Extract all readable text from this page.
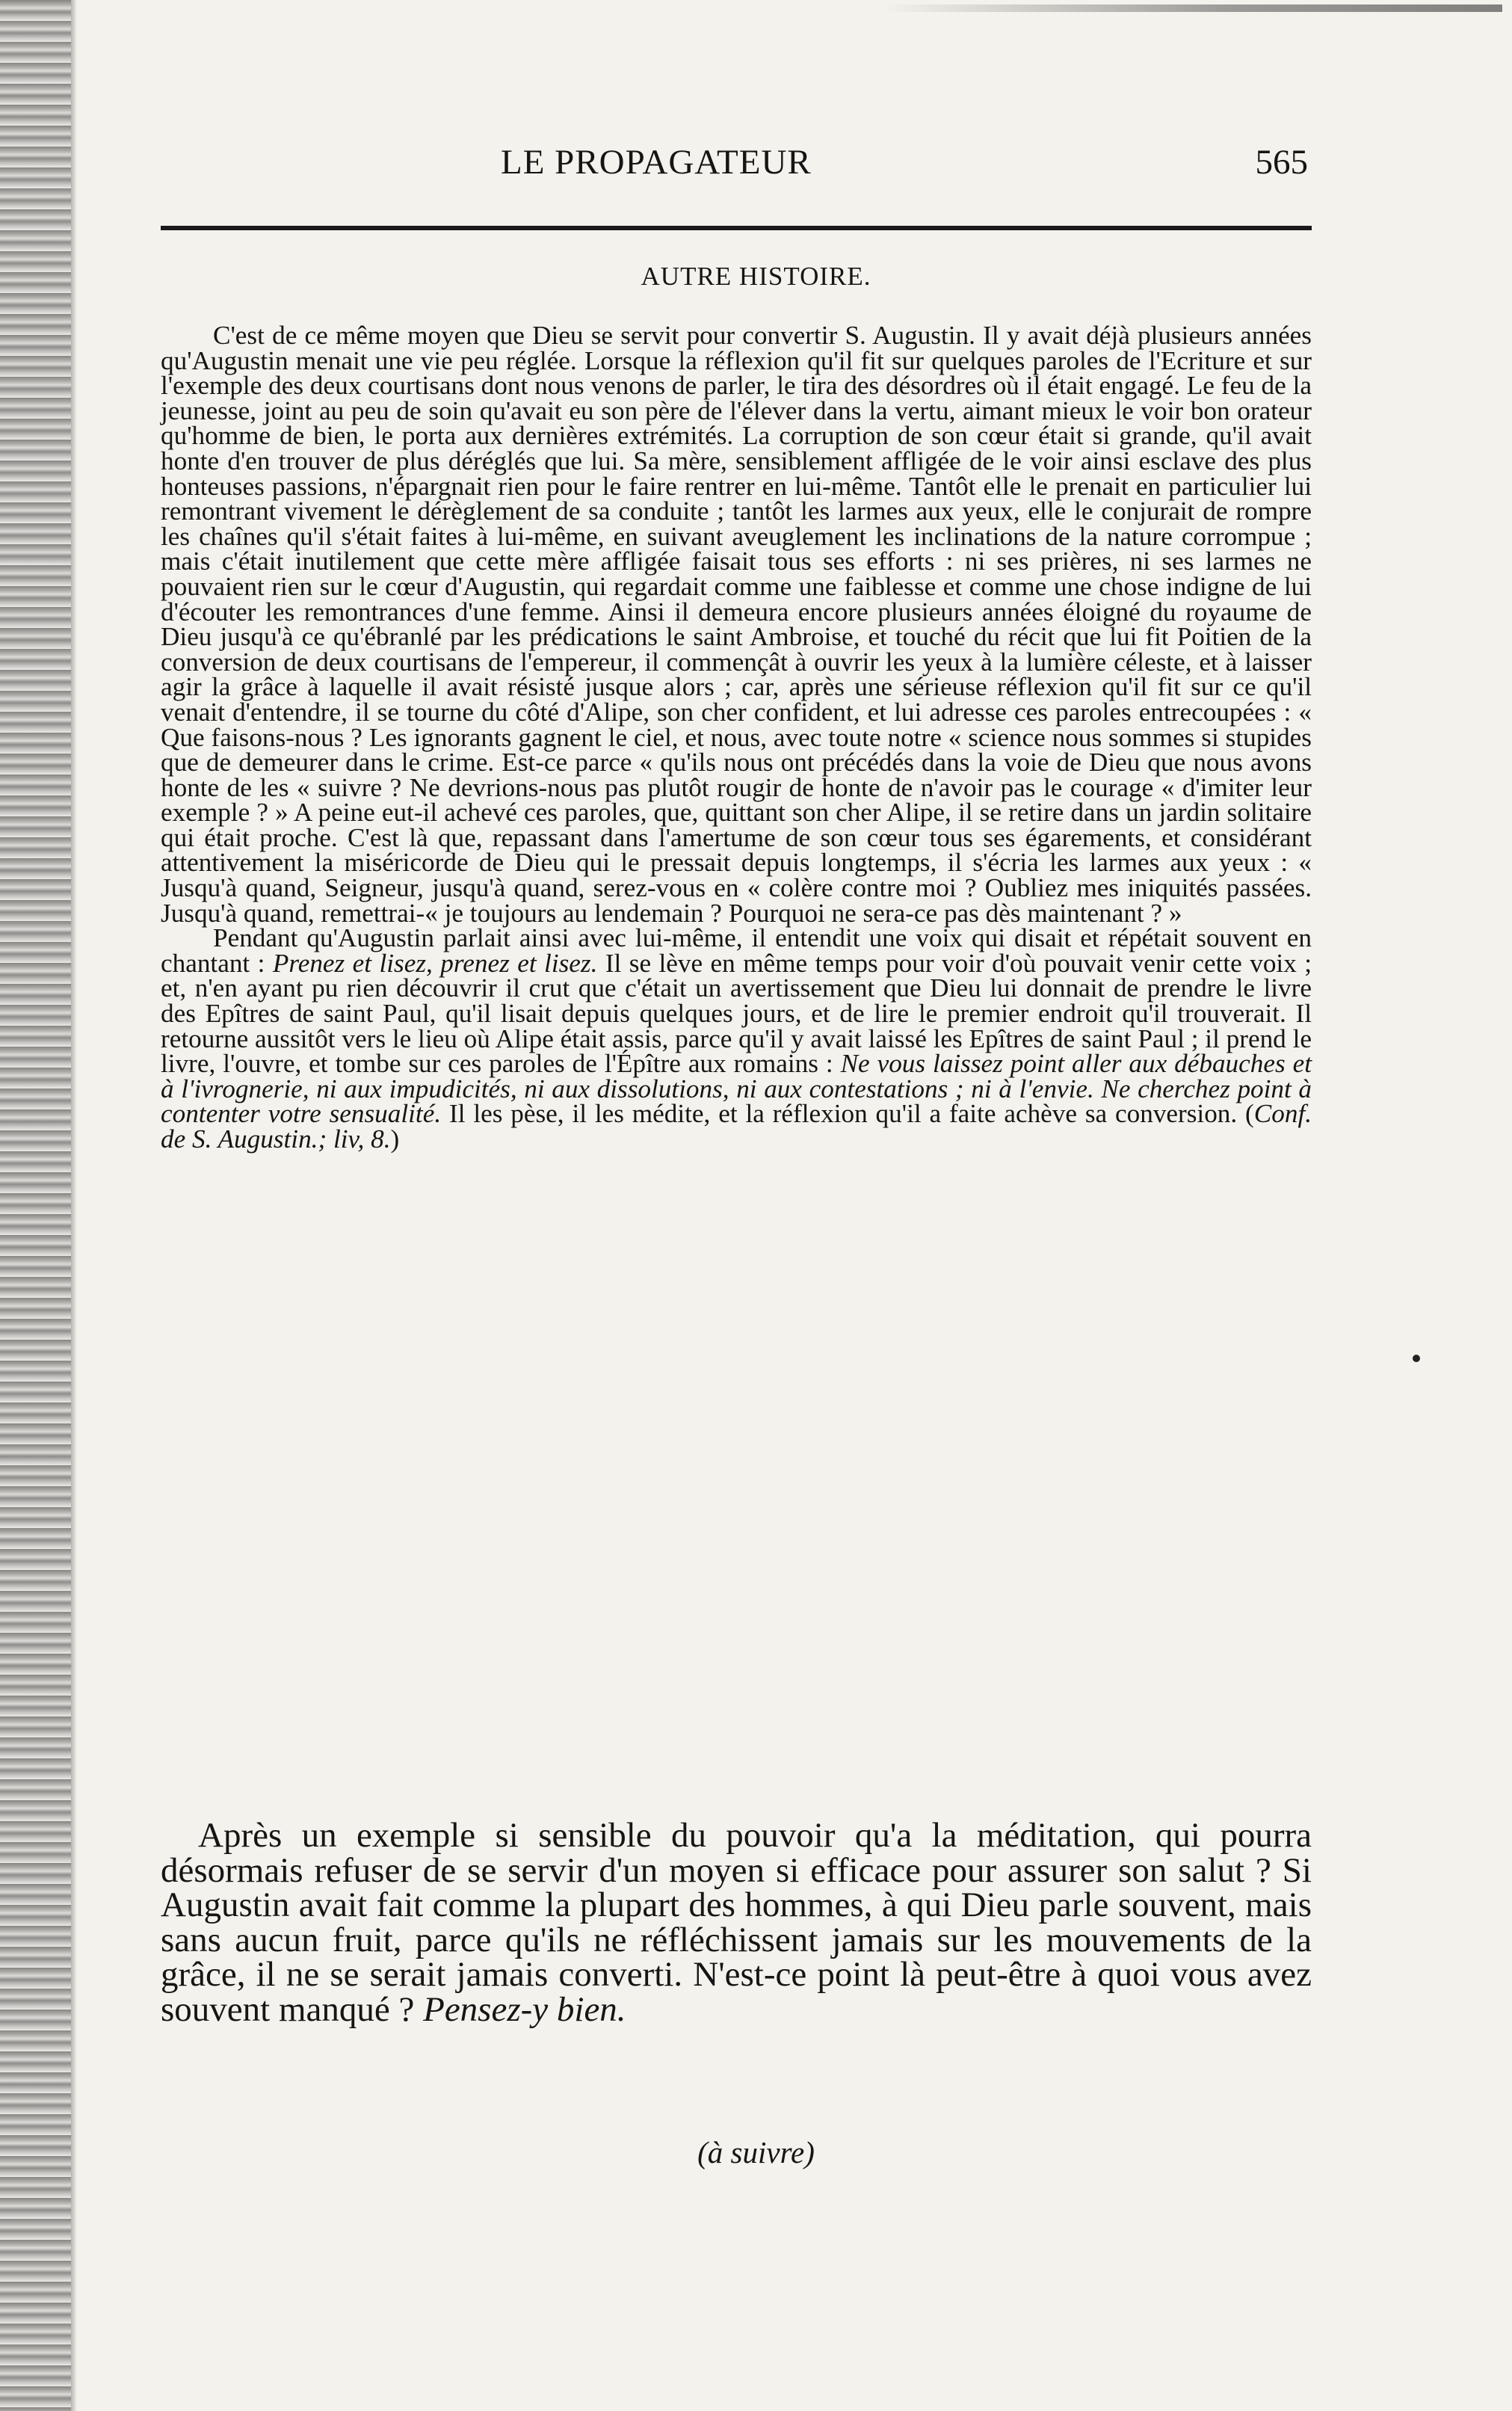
LE PROPAGATEUR	565
AUTRE HISTOIRE.

C'est de ce même moyen que Dieu se servit pour convertir S. Augustin. Il y avait déjà plusieurs années qu'Augustin menait une vie peu réglée. Lorsque la réflexion qu'il fit sur quelques paroles de l'Ecriture et sur l'exemple des deux courtisans dont nous venons de parler, le tira des désordres où il était engagé. Le feu de la jeunesse, joint au peu de soin qu'avait eu son père de l'élever dans la vertu, aimant mieux le voir bon orateur qu'homme de bien, le porta aux dernières extrémités. La corruption de son cœur était si grande, qu'il avait honte d'en trouver de plus déréglés que lui. Sa mère, sensiblement affligée de le voir ainsi esclave des plus honteuses passions, n'épargnait rien pour le faire rentrer en lui-même. Tantôt elle le prenait en particulier lui remontrant vivement le dérèglement de sa conduite ; tantôt les larmes aux yeux, elle le conjurait de rompre les chaînes qu'il s'était faites à lui-même, en suivant aveuglement les inclinations de la nature corrompue ; mais c'était inutilement que cette mère affligée faisait tous ses efforts : ni ses prières, ni ses larmes ne pouvaient rien sur le cœur d'Augustin, qui regardait comme une faiblesse et comme une chose indigne de lui d'écouter les remontrances d'une femme. Ainsi il demeura encore plusieurs années éloigné du royaume de Dieu jusqu'à ce qu'ébranlé par les prédications le saint Ambroise, et touché du récit que lui fit Poitien de la conversion de deux courtisans de l'empereur, il commençât à ouvrir les yeux à la lumière céleste, et à laisser agir la grâce à laquelle il avait résisté jusque alors ; car, après une sérieuse réflexion qu'il fit sur ce qu'il venait d'entendre, il se tourne du côté d'Alipe, son cher confident, et lui adresse ces paroles entrecoupées : « Que faisons-nous ? Les ignorants gagnent le ciel, et nous, avec toute notre « science nous sommes si stupides que de demeurer dans le crime. Est-ce parce « qu'ils nous ont précédés dans la voie de Dieu que nous avons honte de les « suivre ? Ne devrions-nous pas plutôt rougir de honte de n'avoir pas le courage « d'imiter leur exemple ? » A peine eut-il achevé ces paroles, que, quittant son cher Alipe, il se retire dans un jardin solitaire qui était proche. C'est là que, repassant dans l'amertume de son cœur tous ses égarements, et considérant attentivement la miséricorde de Dieu qui le pressait depuis longtemps, il s'écria les larmes aux yeux : « Jusqu'à quand, Seigneur, jusqu'à quand, serez-vous en « colère contre moi ? Oubliez mes iniquités passées. Jusqu'à quand, remettrai-« je toujours au lendemain ? Pourquoi ne sera-ce pas dès maintenant ? »

Pendant qu'Augustin parlait ainsi avec lui-même, il entendit une voix qui disait et répétait souvent en chantant : Prenez et lisez, prenez et lisez. Il se lève en même temps pour voir d'où pouvait venir cette voix ; et, n'en ayant pu rien découvrir il crut que c'était un avertissement que Dieu lui donnait de prendre le livre des Epîtres de saint Paul, qu'il lisait depuis quelques jours, et de lire le premier endroit qu'il trouverait. Il retourne aussitôt vers le lieu où Alipe était assis, parce qu'il y avait laissé les Epîtres de saint Paul ; il prend le livre, l'ouvre, et tombe sur ces paroles de l'Épître aux romains : Ne vous laissez point aller aux débauches et à l'ivrognerie, ni aux impudicités, ni aux dissolutions, ni aux contestations ; ni à l'envie. Ne cherchez point à contenter votre sensualité. Il les pèse, il les médite, et la réflexion qu'il a faite achève sa conversion. (Conf. de S. Augustin.; liv, 8.)

Après un exemple si sensible du pouvoir qu'a la méditation, qui pourra désormais refuser de se servir d'un moyen si efficace pour assurer son salut ? Si Augustin avait fait comme la plupart des hommes, à qui Dieu parle souvent, mais sans aucun fruit, parce qu'ils ne réfléchissent jamais sur les mouvements de la grâce, il ne se serait jamais converti. N'est-ce point là peut-être à quoi vous avez souvent manqué ? Pensez-y bien.

(à suivre)
